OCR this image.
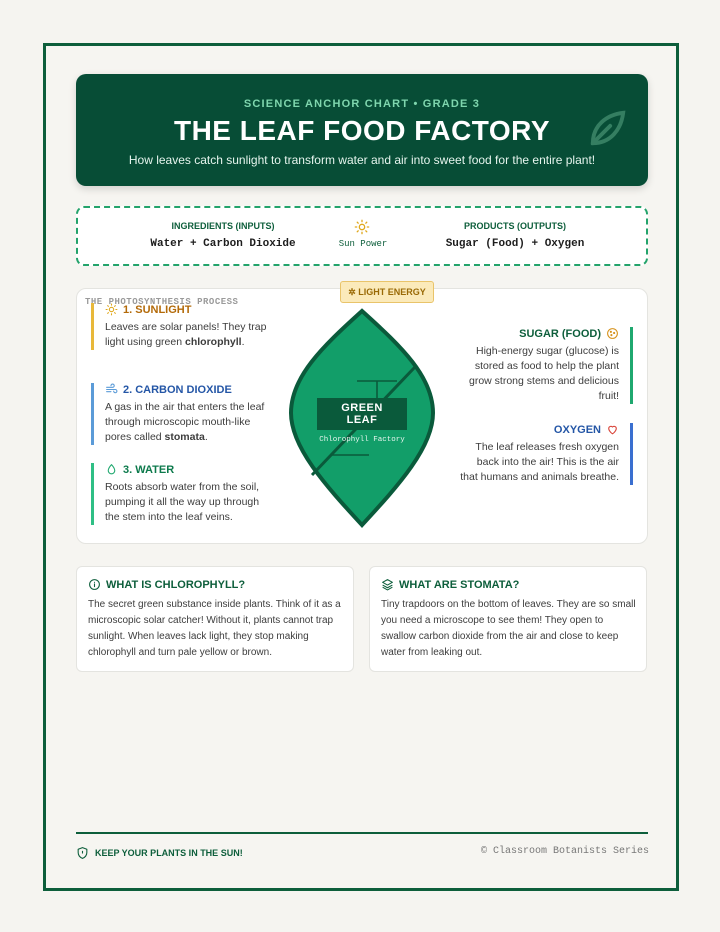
SCIENCE ANCHOR CHART • GRADE 3
THE LEAF FOOD FACTORY
How leaves catch sunlight to transform water and air into sweet food for the entire plant!
INGREDIENTS (INPUTS)
Water + Carbon Dioxide	Sun Power
PRODUCTS (OUTPUTS)
Sugar (Food) + Oxygen
THE PHOTOSYNTHESIS PROCESS
✲ LIGHT ENERGY
1. SUNLIGHT
Leaves are solar panels! They trap light using green chlorophyll.
2. CARBON DIOXIDE
A gas in the air that enters the leaf through microscopic mouth-like pores called stomata.
3. WATER
Roots absorb water from the soil, pumping it all the way up through the stem into the leaf veins.
GREEN LEAF
Chlorophyll Factory
SUGAR (FOOD)
High-energy sugar (glucose) is stored as food to help the plant grow strong stems and delicious fruit!
OXYGEN
The leaf releases fresh oxygen back into the air! This is the air that humans and animals breathe.
WHAT IS CHLOROPHYLL?
The secret green substance inside plants. Think of it as a microscopic solar catcher! Without it, plants cannot trap sunlight. When leaves lack light, they stop making chlorophyll and turn pale yellow or brown.
WHAT ARE STOMATA?
Tiny trapdoors on the bottom of leaves. They are so small you need a microscope to see them! They open to swallow carbon dioxide from the air and close to keep water from leaking out.
KEEP YOUR PLANTS IN THE SUN!	© Classroom Botanists Series
